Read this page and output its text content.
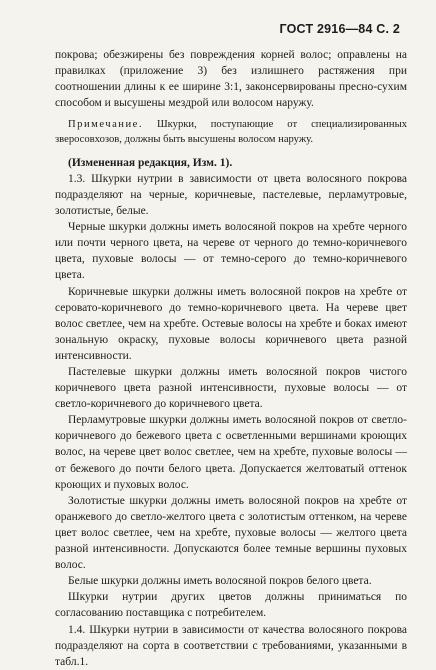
ГОСТ 2916—84 С. 2

покрова; обезжирены без повреждения корней волос; оправлены на правилках (приложение 3) без излишнего растяжения при соотношении длины к ее ширине 3:1, законсервированы пресно-сухим способом и высушены мездрой или волосом наружу.

Примечание. Шкурки, поступающие от специализированных зверосовхозов, должны быть высушены волосом наружу.

(Измененная редакция, Изм. 1).

1.3. Шкурки нутрии в зависимости от цвета волосяного покрова подразделяют на черные, коричневые, пастелевые, перламутровые, золотистые, белые.

Черные шкурки должны иметь волосяной покров на хребте черного или почти черного цвета, на череве от черного до темно-коричневого цвета, пуховые волосы — от темно-серого до темно-коричневого цвета.

Коричневые шкурки должны иметь волосяной покров на хребте от серовато-коричневого до темно-коричневого цвета. На череве цвет волос светлее, чем на хребте. Остевые волосы на хребте и боках имеют зональную окраску, пуховые волосы коричневого цвета разной интенсивности.

Пастелевые шкурки должны иметь волосяной покров чистого коричневого цвета разной интенсивности, пуховые волосы — от светло-коричневого до коричневого цвета.

Перламутровые шкурки должны иметь волосяной покров от светло-коричневого до бежевого цвета с осветленными вершинами кроющих волос, на череве цвет волос светлее, чем на хребте, пуховые волосы — от бежевого до почти белого цвета. Допускается желтоватый оттенок кроющих и пуховых волос.

Золотистые шкурки должны иметь волосяной покров на хребте от оранжевого до светло-желтого цвета с золотистым оттенком, на череве цвет волос светлее, чем на хребте, пуховые волосы — желтого цвета разной интенсивности. Допускаются более темные вершины пуховых волос.

Белые шкурки должны иметь волосяной покров белого цвета.

Шкурки нутрии других цветов должны приниматься по согласованию поставщика с потребителем.

1.4. Шкурки нутрии в зависимости от качества волосяного покрова подразделяют на сорта в соответствии с требованиями, указанными в табл.1.
